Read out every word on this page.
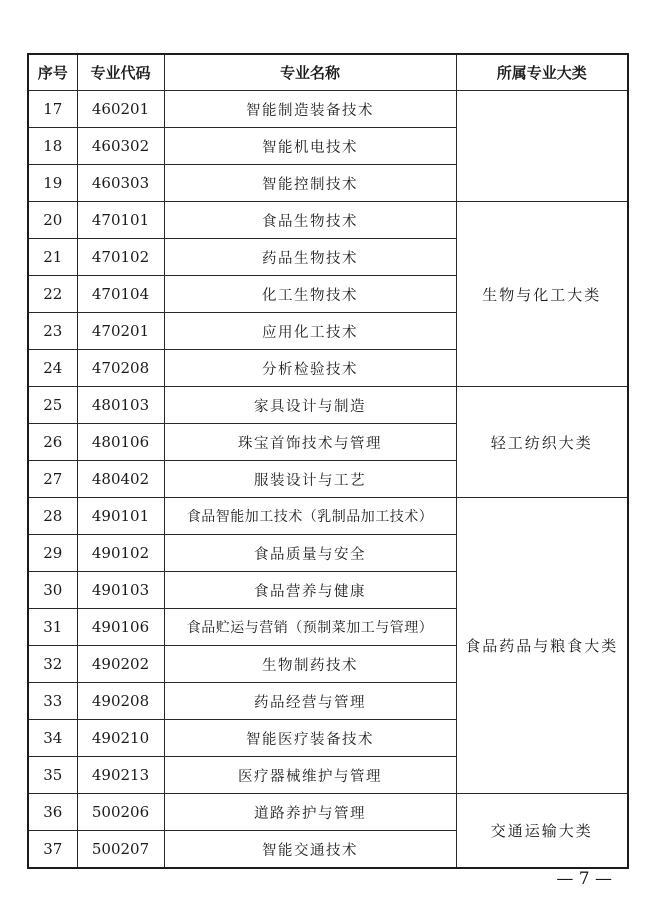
序号	专业代码	专业名称	所属专业大类
17	460201	智能制造装备技术	
18	460302	智能机电技术	
19	460303	智能控制技术	
20	470101	食品生物技术	生物与化工大类
21	470102	药品生物技术	
22	470104	化工生物技术	
23	470201	应用化工技术	
24	470208	分析检验技术	
25	480103	家具设计与制造	轻工纺织大类
26	480106	珠宝首饰技术与管理	
27	480402	服装设计与工艺	
28	490101	食品智能加工技术（乳制品加工技术）	食品药品与粮食大类
29	490102	食品质量与安全	
30	490103	食品营养与健康	
31	490106	食品贮运与营销（预制菜加工与管理）	
32	490202	生物制药技术	
33	490208	药品经营与管理	
34	490210	智能医疗装备技术	
35	490213	医疗器械维护与管理	
36	500206	道路养护与管理	交通运输大类
37	500207	智能交通技术	
— 7 —
